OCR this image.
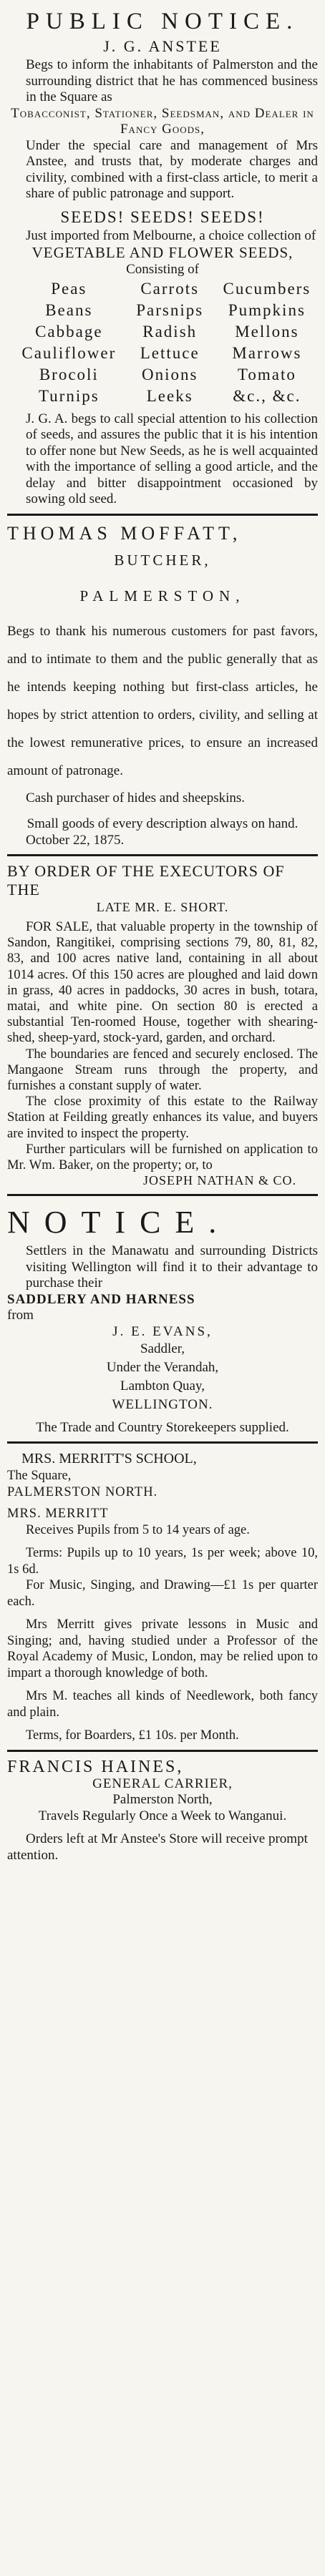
PUBLIC NOTICE.
J. G. ANSTEE

Begs to inform the inhabitants of Palmerston and the surrounding district that he has commenced business in the Square as

Tobacconist, Stationer, Seedsman, and Dealer in Fancy Goods,

Under the special care and management of Mrs Anstee, and trusts that, by moderate charges and civility, combined with a first-class article, to merit a share of public patronage and support.

SEEDS! SEEDS! SEEDS!

Just imported from Melbourne, a choice collection of

VEGETABLE AND FLOWER SEEDS,

Consisting of

Peas	Carrots	Cucumbers
Beans	Parsnips	Pumpkins
Cabbage	Radish	Mellons
Cauliflower	Lettuce	Marrows
Brocoli	Onions	Tomato
Turnips	Leeks	&c., &c.

J. G. A. begs to call special attention to his collection of seeds, and assures the public that it is his intention to offer none but New Seeds, as he is well acquainted with the importance of selling a good article, and the delay and bitter disappointment occasioned by sowing old seed.

THOMAS MOFFATT,
BUTCHER,
PALMERSTON,

Begs to thank his numerous customers for past favors, and to intimate to them and the public generally that as he intends keeping nothing but first-class articles, he hopes by strict attention to orders, civility, and selling at the lowest remunerative prices, to ensure an increased amount of patronage.

Cash purchaser of hides and sheepskins.

Small goods of every description always on hand.

October 22, 1875.

BY ORDER OF THE EXECUTORS OF THE
LATE MR. E. SHORT.

FOR SALE, that valuable property in the township of Sandon, Rangitikei, comprising sections 79, 80, 81, 82, 83, and 100 acres native land, containing in all about 1014 acres. Of this 150 acres are ploughed and laid down in grass, 40 acres in paddocks, 30 acres in bush, totara, matai, and white pine. On section 80 is erected a substantial Ten-roomed House, together with shearing-shed, sheep-yard, stock-yard, garden, and orchard.

The boundaries are fenced and securely enclosed. The Mangaone Stream runs through the property, and furnishes a constant supply of water.

The close proximity of this estate to the Railway Station at Feilding greatly enhances its value, and buyers are invited to inspect the property.

Further particulars will be furnished on application to Mr. Wm. Baker, on the property; or, to

JOSEPH NATHAN & CO.
NOTICE.

Settlers in the Manawatu and surrounding Districts visiting Wellington will find it to their advantage to purchase their

SADDLERY AND HARNESS
from
J. E. EVANS,
Saddler,
Under the Verandah,
Lambton Quay,
WELLINGTON.

The Trade and Country Storekeepers supplied.

MRS. MERRITT'S SCHOOL,
The Square,
PALMERSTON NORTH.
MRS. MERRITT

Receives Pupils from 5 to 14 years of age.

Terms: Pupils up to 10 years, 1s per week; above 10, 1s 6d.

For Music, Singing, and Drawing—£1 1s per quarter each.

Mrs Merritt gives private lessons in Music and Singing; and, having studied under a Professor of the Royal Academy of Music, London, may be relied upon to impart a thorough knowledge of both.

Mrs M. teaches all kinds of Needlework, both fancy and plain.

Terms, for Boarders, £1 10s. per Month.

FRANCIS HAINES,
GENERAL CARRIER,
Palmerston North,

Travels Regularly Once a Week to Wanganui.

Orders left at Mr Anstee's Store will receive prompt attention.
